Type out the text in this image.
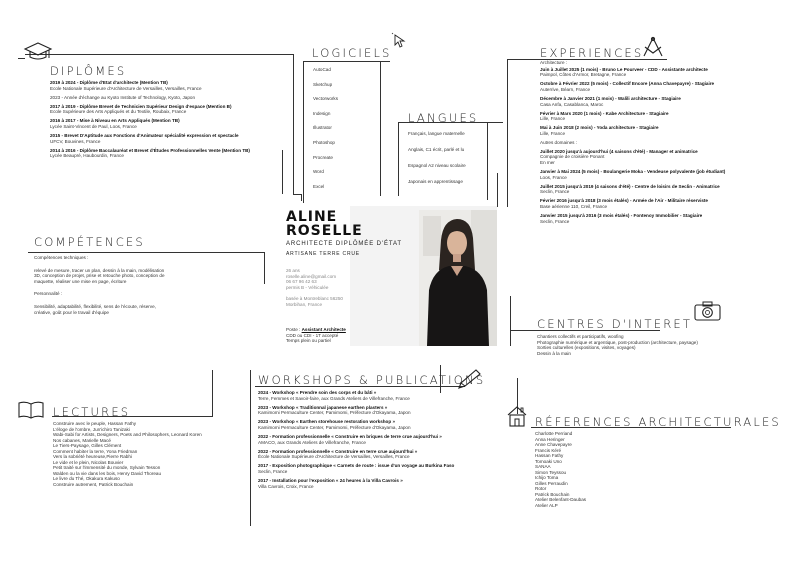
DIPLÔMES
2019 à 2024 - Diplôme d'Etat d'architecte (Mention TB)
Ecole Nationale Supérieure d'Architecture de Versailles, Versailles, France
2023 - Année d'échange au Kyoto Institute of Technology, Kyoto, Japon
2017 à 2019 - Diplôme Brevet de Technicien Supérieur Design d'espace (Mention B)
Ecole Supérieure des Arts Appliqués et du Textile, Roubaix, France
2016 à 2017 - Mise à Niveau en Arts Appliqués (Mention TB)
Lycée Saint-Vincent de Paul, Loos, France
2015 - Brevet D'Aptitude aux Fonctions d'Animateur spécialité expression et spectacle
UFCV, Bouvines, France
2014 à 2016 - Diplôme Baccalauréat et Brevet d'Études Professionnelles Vente (Mention TB)
Lycée Beaupré, Haubourdin, France
LOGICIELS
AutoCad
Sketchup
Vectorworks
Indesign
Illustrator
Photoshop
Procreate
Word
Excel
LANGUES
Français, langue maternelle
Anglais, C1 écrit, parlé et lu
Espagnol A2 niveau scolaire
Japonais en apprentissage
EXPERIENCES
Architecture :
Juin à Juillet 2025 (1 mois) - Bruno Le Pourveer - CDD - Assistante architecte
Paimpol, Côtes d'Armor, Bretagne, France
Octobre à Février 2022 (5 mois) - Collectif Encore (Anna Chavepayre) - Stagiaire
Auterrive, Béarn, France
Décembre à Janvier 2021 (1 mois) - Walili architecture - Stagiaire
Casa Anfa, Casablanca, Maroc
Février à Mars 2020 (1 mois) - Kabe Architecture - Stagiaire
Lille, France
Mai à Juin 2018 (2 mois) - Yoda architecture - Stagiaire
Lille, France
Autres domaines :
Juillet 2020 jusqu'à aujourd'hui (4 saisons d'été) - Manager et animatrice
Compagnie de croisière Ponant
En mer
Janvier à Mai 2024 (5 mois) - Boulangerie Moka - Vendeuse polyvalente (job étudiant)
Loos, France
Juillet 2015 jusqu'à 2019 (4 saisons d'été) - Centre de loisirs de Seclin - Animatrice
Seclin, France
Février 2016 jusqu'à 2018 (3 mois étalés) - Armée de l'Air - Militaire réserviste
Base aérienne 110, Creil, France
Janvier 2015 jusqu'à 2016 (3 mois étalés) - Fontenoy Immobilier - Stagiaire
Seclin, France
ALINE
ROSELLE
ARCHITECTE DIPLÔMÉE D'ÉTAT
ARTISANE TERRE CRUE
26 ans
roselle.aline@gmail.com
06 67 96 42 63
permis B - Véhiculée
basée à Montreblanc 56250
Morbihan, France
Poste : Assistant Architecte
CDD ou CDI - 1T accepté
Temps plein ou partiel
COMPÉTENCES
Compétences techniques :
relevé de mesure, tracer un plan, dessin à la main, modélisation
3D, conception de projet, prise et retouche photo, conception de
maquette, réaliser une mise en page, écriture
Personnalité :
Sensibilité, adaptabilité, flexibilité, sens de l'écoute, réserve,
créative, goût pour le travail d'équipe
CENTRES D'INTERET
Chantiers collectifs et participatifs, woofing
Photographie numérique et argentique, post-production (architecture, paysage)
Sorties culturelles (expositions, visites, voyages)
Dessin à la main
WORKSHOPS & PUBLICATIONS
2024 - Workshop « Prendre soin des corps et du bâti »
Terre, Femmes et Savoir-faire, aux Grands Ateliers de Villefranche, France
2023 - Workshop « Traditionnal japanese earthen plasters »
Kamimomi Permaculture Center, Pamimomi, Préfecture d'Okayama, Japon
2023 - Workshop « Earthen storehouse restoration workshop »
Kamimomi Permaculture Center, Pamimomi, Préfecture d'Okayama, Japon
2022 - Formation professionnelle « Construire en briques de terre crue aujourd'hui »
AMACO, aux Grands Ateliers de Villefranche, France
2022 - Formation professionnelle « Construire en terre crue aujourd'hui »
École Nationale Supérieure d'Architecture de Versailles, Versailles, France
2017 - Exposition photographique « Carnets de route : issue d'un voyage au Burkina Faso
Seclin, France
2017 - Installation pour l'exposition « 24 heures à la Villa Cavrois »
Villa Cavrois, Croix, France
LECTURES
Construire avec le peuple, Hassan Fathy
L'éloge de l'ombre, Jun'ichiro Tanizaki
Wabi-Sabi for Artists, Designers, Poets and Philosophers, Leonard Koren
Nos cabanes, Marielle Macé
Le Tiers-Paysage, Gilles Clément
Comment habiter la terre, Yona Friedman
Vers la sobriété heureuse,Pierre Rabhi
Le vide et le plein, Nicolas Bouvier
Petit traité sur l'immensité du monde, Sylvain Tesson
Walden ou la vie dans les bois, Henry David Thoreau
Le livre du Thé, Okakura Kakuso
Construire autrement, Patrick Bouchain
RÉFERENCES ARCHITECTURALES
Charlotte Perriand
Anna Heringer
Anne Chavepayre
Francis Kéré
Hassan Fathy
Tomoaki Uno
SANAA
Simon Teyssou
Ichijo Toma
Gilles Perraudin
Rotor
Patrick Bouchain
Atelier Belenfant-Daubas
Atelier ALP
